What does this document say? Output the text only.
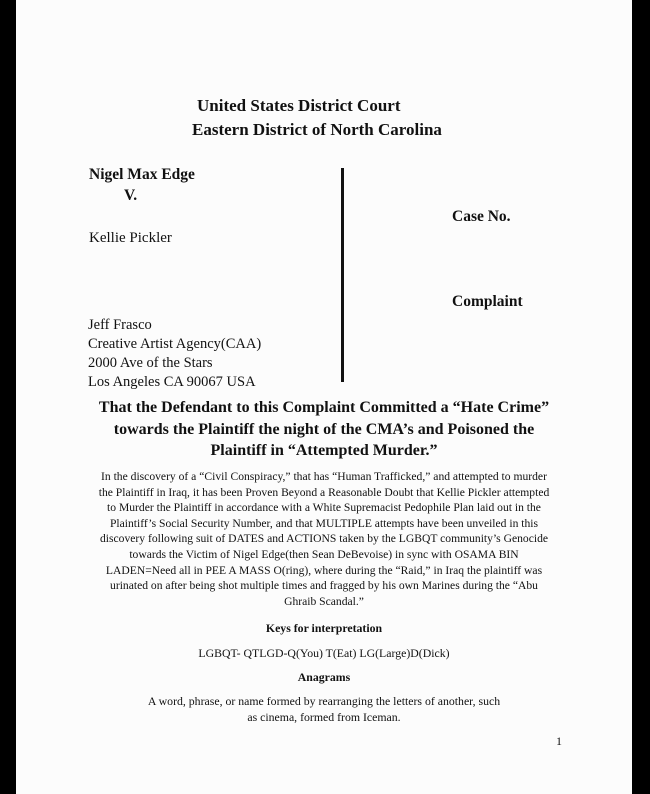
United States District Court
Eastern District of North Carolina
Nigel Max Edge
V.
Kellie Pickler
Case No.
Complaint
Jeff Frasco
Creative Artist Agency(CAA)
2000 Ave of the Stars
Los Angeles CA 90067 USA
That the Defendant to this Complaint Committed a “Hate Crime”
towards the Plaintiff the night of the CMA’s and Poisoned the
Plaintiff in “Attempted Murder.”
In the discovery of a “Civil Conspiracy,” that has “Human Trafficked,” and attempted to murder
the Plaintiff in Iraq, it has been Proven Beyond a Reasonable Doubt that Kellie Pickler attempted
to Murder the Plaintiff in accordance with a White Supremacist Pedophile Plan laid out in the
Plaintiff’s Social Security Number, and that MULTIPLE attempts have been unveiled in this
discovery following suit of DATES and ACTIONS taken by the LGBQT community’s Genocide
towards the Victim of Nigel Edge(then Sean DeBevoise) in sync with OSAMA BIN
LADEN=Need all in PEE A MASS O(ring), where during the “Raid,” in Iraq the plaintiff was
urinated on after being shot multiple times and fragged by his own Marines during the “Abu
Ghraib Scandal.”
Keys for interpretation
LGBQT- QTLGD-Q(You) T(Eat) LG(Large)D(Dick)
Anagrams
A word, phrase, or name formed by rearranging the letters of another, such
as cinema, formed from Iceman.
1
